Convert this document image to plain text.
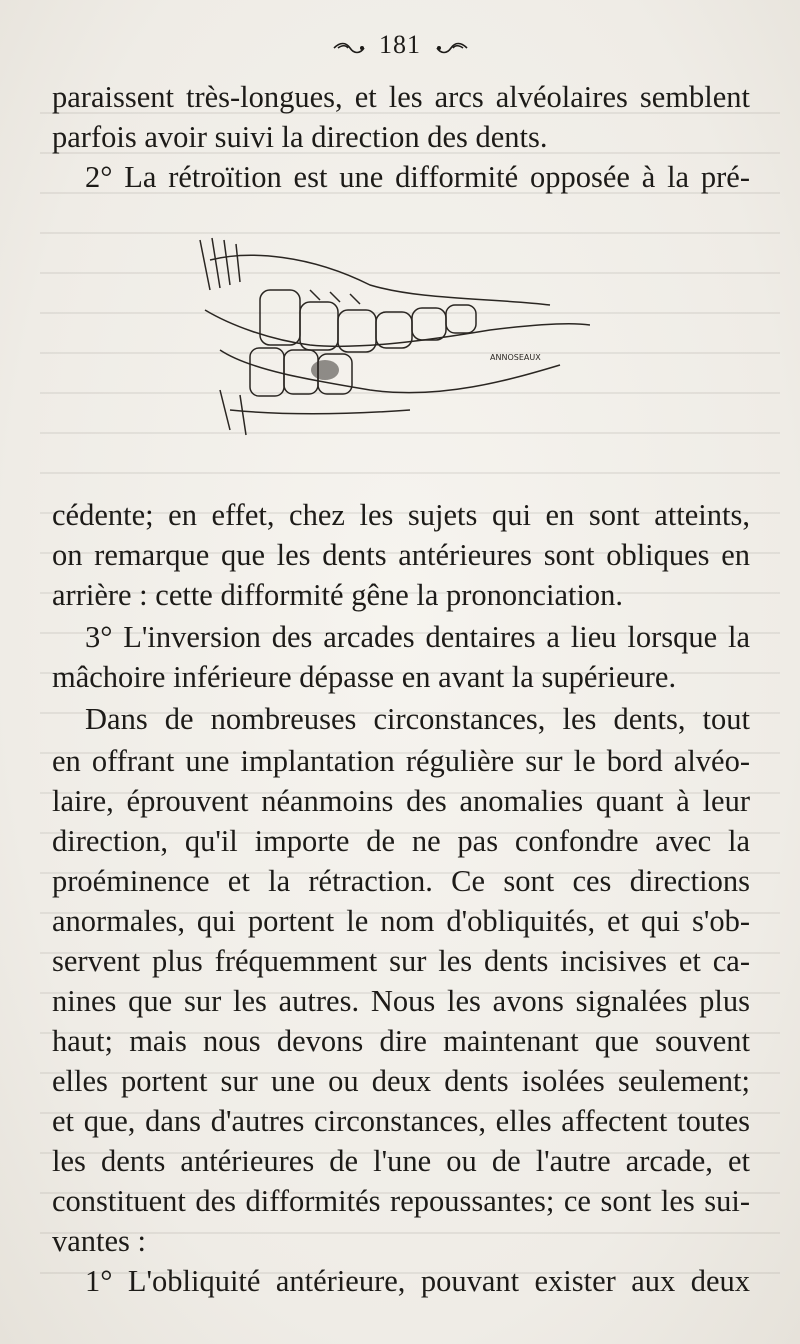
181
paraissent très-longues, et les arcs alvéolaires semblent
parfois avoir suivi la direction des dents.
2° La rétroïtion est une difformité opposée à la pré-
ANNOSEAUX
cédente; en effet, chez les sujets qui en sont atteints,
on remarque que les dents antérieures sont obliques en
arrière : cette difformité gêne la prononciation.
3° L'inversion des arcades dentaires a lieu lorsque la
mâchoire inférieure dépasse en avant la supérieure.
Dans de nombreuses circonstances, les dents, tout
en offrant une implantation régulière sur le bord alvéo-
laire, éprouvent néanmoins des anomalies quant à leur
direction, qu'il importe de ne pas confondre avec la
proéminence et la rétraction. Ce sont ces directions
anormales, qui portent le nom d'obliquités, et qui s'ob-
servent plus fréquemment sur les dents incisives et ca-
nines que sur les autres. Nous les avons signalées plus
haut; mais nous devons dire maintenant que souvent
elles portent sur une ou deux dents isolées seulement;
et que, dans d'autres circonstances, elles affectent toutes
les dents antérieures de l'une ou de l'autre arcade, et
constituent des difformités repoussantes; ce sont les sui-
vantes :
1° L'obliquité antérieure, pouvant exister aux deux
